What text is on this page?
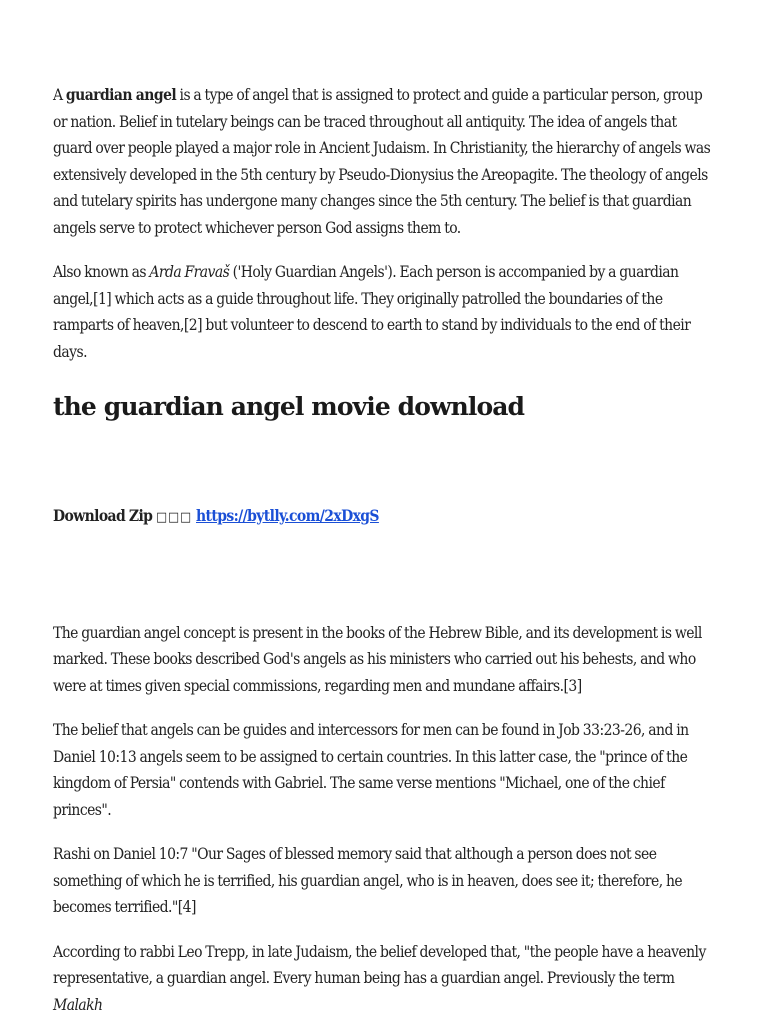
A guardian angel is a type of angel that is assigned to protect and guide a particular person, group or nation. Belief in tutelary beings can be traced throughout all antiquity. The idea of angels that guard over people played a major role in Ancient Judaism. In Christianity, the hierarchy of angels was extensively developed in the 5th century by Pseudo-Dionysius the Areopagite. The theology of angels and tutelary spirits has undergone many changes since the 5th century. The belief is that guardian angels serve to protect whichever person God assigns them to.

Also known as Arda Fravaš ('Holy Guardian Angels'). Each person is accompanied by a guardian angel,[1] which acts as a guide throughout life. They originally patrolled the boundaries of the ramparts of heaven,[2] but volunteer to descend to earth to stand by individuals to the end of their days.

the guardian angel movie download

Download Zip □□□ https://bytlly.com/2xDxgS

The guardian angel concept is present in the books of the Hebrew Bible, and its development is well marked. These books described God's angels as his ministers who carried out his behests, and who were at times given special commissions, regarding men and mundane affairs.[3]

The belief that angels can be guides and intercessors for men can be found in Job 33:23-26, and in Daniel 10:13 angels seem to be assigned to certain countries. In this latter case, the "prince of the kingdom of Persia" contends with Gabriel. The same verse mentions "Michael, one of the chief princes".

Rashi on Daniel 10:7 "Our Sages of blessed memory said that although a person does not see something of which he is terrified, his guardian angel, who is in heaven, does see it; therefore, he becomes terrified."[4]

According to rabbi Leo Trepp, in late Judaism, the belief developed that, "the people have a heavenly representative, a guardian angel. Every human being has a guardian angel. Previously the term Malakh
